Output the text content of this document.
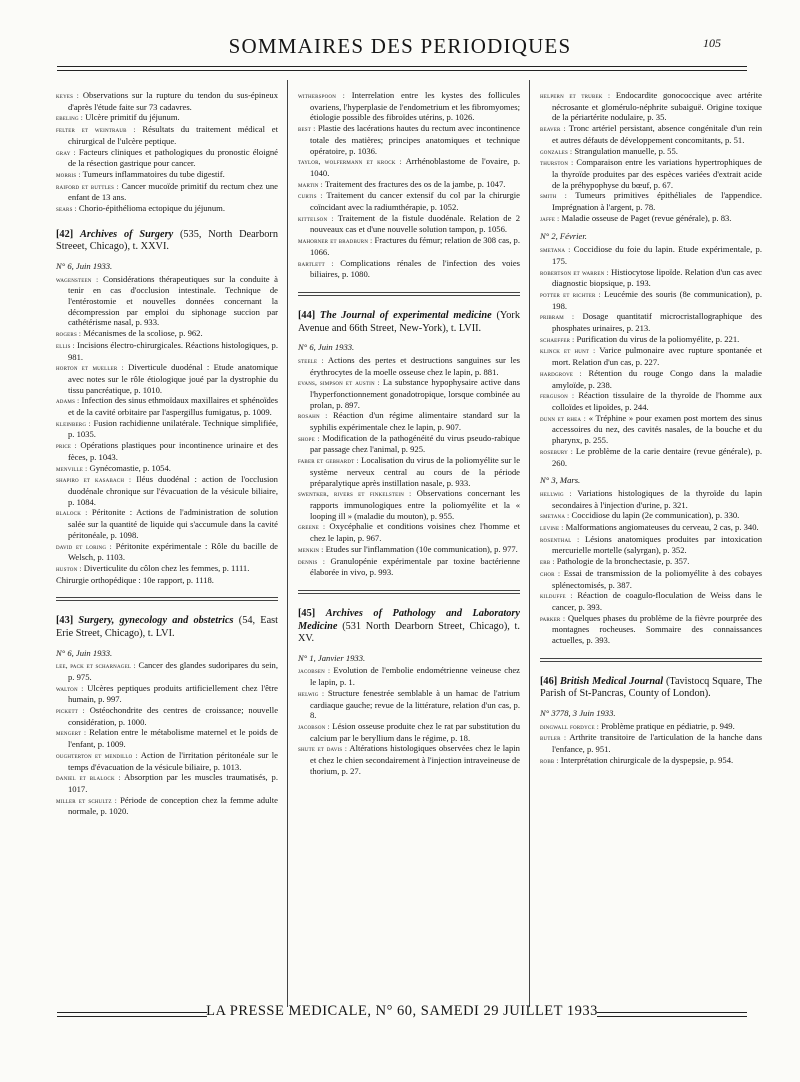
SOMMAIRES DES PERIODIQUES	105
keyes : Observations sur la rupture du tendon du sus-épineux d'après l'étude faite sur 73 cadavres.
ebeling : Ulcère primitif du jéjunum.
felter et weintraub : Résultats du traitement médical et chirurgical de l'ulcère peptique.
gray : Facteurs cliniques et pathologiques du pronostic éloigné de la résection gastrique pour cancer.
morris : Tumeurs inflammatoires du tube digestif.
raiford et buttles : Cancer mucoïde primitif du rectum chez une enfant de 13 ans.
sears : Chorio-épithélioma ectopique du jéjunum.
[42] Archives of Surgery (535, North Dearborn Streeet, Chicago), t. XXVI.
N° 6, Juin 1933.
wagensteen : Considérations thérapeutiques sur la conduite à tenir en cas d'occlusion intestinale. Technique de l'entérostomie et nouvelles données concernant la décompression par emploi du siphonage succion par cathétérisme nasal, p. 933.
rogers : Mécanismes de la scoliose, p. 962.
ellis : Incisions électro-chirurgicales. Réactions histologiques, p. 981.
horton et mueller : Diverticule duodénal : Etude anatomique avec notes sur le rôle étiologique joué par la dystrophie du tissu pancréatique, p. 1010.
adams : Infection des sinus ethmoïdaux maxillaires et sphénoïdes et de la cavité orbitaire par l'aspergillus fumigatus, p. 1009.
kleinberg : Fusion rachidienne unilatérale. Technique simplifiée, p. 1035.
price : Opérations plastiques pour incontinence urinaire et des fèces, p. 1043.
menville : Gynécomastie, p. 1054.
shapiro et kasabach : Iléus duodénal : action de l'occlusion duodénale chronique sur l'évacuation de la vésicule biliaire, p. 1084.
blalock : Péritonite : Actions de l'administration de solution salée sur la quantité de liquide qui s'accumule dans la cavité péritonéale, p. 1098.
david et loring : Péritonite expérimentale : Rôle du bacille de Welsch, p. 1103.
huston : Diverticulite du côlon chez les femmes, p. 1111.
Chirurgie orthopédique : 10e rapport, p. 1118.
[43] Surgery, gynecology and obstetrics (54, East Erie Street, Chicago), t. LVI.
N° 6, Juin 1933.
lee, pack et scharnagel : Cancer des glandes sudoripares du sein, p. 975.
walton : Ulcères peptiques produits artificiellement chez l'être humain, p. 997.
pickett : Ostéochondrite des centres de croissance; nouvelle considération, p. 1000.
mengert : Relation entre le métabolisme maternel et le poids de l'enfant, p. 1009.
oughterton et mendillo : Action de l'irritation péritonéale sur le temps d'évacuation de la vésicule biliaire, p. 1013.
daniel et blalock : Absorption par les muscles traumatisés, p. 1017.
miller et schultz : Période de conception chez la femme adulte normale, p. 1020.
witherspoon : Interrelation entre les kystes des follicules ovariens, l'hyperplasie de l'endometrium et les fibromyomes; étiologie possible des fibroïdes utérins, p. 1026.
best : Plastie des lacérations hautes du rectum avec incontinence totale des matières; principes anatomiques et technique opératoire, p. 1036.
taylor, wolfermann et krock : Arrhénoblastome de l'ovaire, p. 1040.
martin : Traitement des fractures des os de la jambe, p. 1047.
curtis : Traitement du cancer extensif du col par la chirurgie coïncidant avec la radiumthérapie, p. 1052.
kittelson : Traitement de la fistule duodénale. Relation de 2 nouveaux cas et d'une nouvelle solution tampon, p. 1056.
mahorner et bradburn : Fractures du fémur; relation de 308 cas, p. 1066.
bartlett : Complications rénales de l'infection des voies biliaires, p. 1080.
[44] The Journal of experimental medicine (York Avenue and 66th Street, New-York), t. LVII.
N° 6, Juin 1933.
steele : Actions des pertes et destructions sanguines sur les érythrocytes de la moelle osseuse chez le lapin, p. 881.
evans, simpson et austin : La substance hypophysaire active dans l'hyperfonctionnement gonadotropique, lorsque combinée au prolan, p. 897.
rosahn : Réaction d'un régime alimentaire standard sur la syphilis expérimentale chez le lapin, p. 907.
shope : Modification de la pathogénéité du virus pseudo-rabique par passage chez l'animal, p. 925.
faber et gebhardt : Localisation du virus de la poliomyélite sur le système nerveux central au cours de la période préparalytique après instillation nasale, p. 933.
swentker, rivers et finkelstein : Observations concernant les rapports immunologiques entre la poliomyélite et la « looping ill » (maladie du mouton), p. 955.
greene : Oxycéphalie et conditions voisines chez l'homme et chez le lapin, p. 967.
menkin : Etudes sur l'inflammation (10e communication), p. 977.
dennis : Granulopénie expérimentale par toxine bactérienne élaborée in vivo, p. 993.
[45] Archives of Pathology and Laboratory Medicine (531 North Dearborn Street, Chicago), t. XV.
N° 1, Janvier 1933.
jacobsen : Evolution de l'embolie endométrienne veineuse chez le lapin, p. 1.
helwig : Structure fenestrée semblable à un hamac de l'atrium cardiaque gauche; revue de la littérature, relation d'un cas, p. 8.
jacobson : Lésion osseuse produite chez le rat par substitution du calcium par le beryllium dans le régime, p. 18.
shute et davis : Altérations histologiques observées chez le lapin et chez le chien secondairement à l'injection intraveineuse de thorium, p. 27.
helpern et trubek : Endocardite gonococcique avec artérite nécrosante et glomérulo-néphrite subaiguë. Origine toxique de la périartérite nodulaire, p. 35.
beaver : Tronc artériel persistant, absence congénitale d'un rein et autres défauts de développement concomitants, p. 51.
gonzales : Strangulation manuelle, p. 55.
thurston : Comparaison entre les variations hypertrophiques de la thyroïde produites par des espèces variées d'extrait acide de la préhypophyse du bœuf, p. 67.
smith : Tumeurs primitives épithéliales de l'appendice. Imprégnation à l'argent, p. 78.
jaffe : Maladie osseuse de Paget (revue générale), p. 83.
N° 2, Février.
smetana : Coccidiose du foie du lapin. Etude expérimentale, p. 175.
robertson et warren : Histiocytose lipoïde. Relation d'un cas avec diagnostic biopsique, p. 193.
potter et richter : Leucémie des souris (8e communication), p. 198.
pribram : Dosage quantitatif microcristallographique des phosphates urinaires, p. 213.
schaeffer : Purification du virus de la poliomyélite, p. 221.
klinck et hunt : Varice pulmonaire avec rupture spontanée et mort. Relation d'un cas, p. 227.
hardgrove : Rétention du rouge Congo dans la maladie amyloïde, p. 238.
ferguson : Réaction tissulaire de la thyroïde de l'homme aux colloïdes et lipoïdes, p. 244.
dunn et rhea : « Tréphine » pour examen post mortem des sinus accessoires du nez, des cavités nasales, de la bouche et du pharynx, p. 255.
rosebury : Le problème de la carie dentaire (revue générale), p. 260.
N° 3, Mars.
hellwig : Variations histologiques de la thyroïde du lapin secondaires à l'injection d'urine, p. 321.
smetana : Coccidiose du lapin (2e communication), p. 330.
levine : Malformations angiomateuses du cerveau, 2 cas, p. 340.
rosenthal : Lésions anatomiques produites par intoxication mercurielle mortelle (salyrgan), p. 352.
erb : Pathologie de la bronchectasie, p. 357.
chor : Essai de transmission de la poliomyélite à des cobayes splénectomisés, p. 387.
kilduffe : Réaction de coagulo-floculation de Weiss dans le cancer, p. 393.
parker : Quelques phases du problème de la fièvre pourprée des montagnes rocheuses. Sommaire des connaissances actuelles, p. 393.
[46] British Medical Journal (Tavistocq Square, The Parish of St-Pancras, County of London).
N° 3778, 3 Juin 1933.
dingwall fordyce : Problème pratique en pédiatrie, p. 949.
butler : Arthrite transitoire de l'articulation de la hanche dans l'enfance, p. 951.
robb : Interprétation chirurgicale de la dyspepsie, p. 954.
LA PRESSE MEDICALE, N° 60, SAMEDI 29 JUILLET 1933
